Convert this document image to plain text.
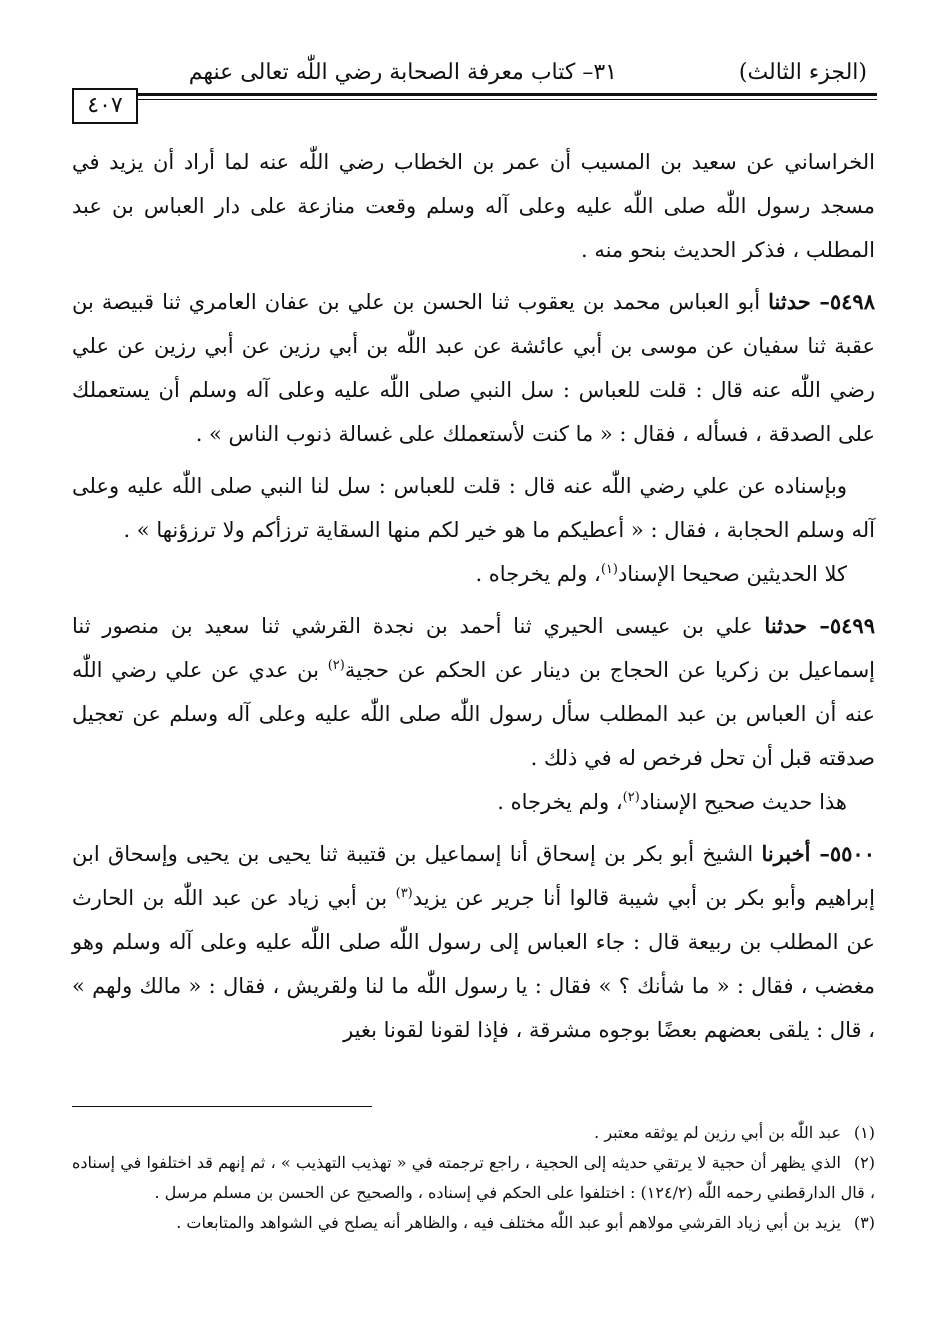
(الجزء الثالث)
٣١– كتاب معرفة الصحابة رضي اللّٰه تعالى عنهم
٤٠٧

الخراساني عن سعيد بن المسيب أن عمر بن الخطاب رضي اللّٰه عنه لما أراد أن يزيد في مسجد رسول اللّٰه صلى اللّٰه عليه وعلى آله وسلم وقعت منازعة على دار العباس بن عبد المطلب ، فذكر الحديث بنحو منه .

٥٤٩٨– حدثنا أبو العباس محمد بن يعقوب ثنا الحسن بن علي بن عفان العامري ثنا قبيصة بن عقبة ثنا سفيان عن موسى بن أبي عائشة عن عبد اللّٰه بن أبي رزين عن أبي رزين عن علي رضي اللّٰه عنه قال : قلت للعباس : سل النبي صلى اللّٰه عليه وعلى آله وسلم أن يستعملك على الصدقة ، فسأله ، فقال : « ما كنت لأستعملك على غسالة ذنوب الناس » .

وبإسناده عن علي رضي اللّٰه عنه قال : قلت للعباس : سل لنا النبي صلى اللّٰه عليه وعلى آله وسلم الحجابة ، فقال : « أعطيكم ما هو خير لكم منها السقاية ترزأكم ولا ترزؤنها » .

كلا الحديثين صحيحا الإسناد$^{(١)}$، ولم يخرجاه .

٥٤٩٩– حدثنا علي بن عيسى الحيري ثنا أحمد بن نجدة القرشي ثنا سعيد بن منصور ثنا إسماعيل بن زكريا عن الحجاج بن دينار عن الحكم عن حجية$^{(٢)}$ بن عدي عن علي رضي اللّٰه عنه أن العباس بن عبد المطلب سأل رسول اللّٰه صلى اللّٰه عليه وعلى آله وسلم عن تعجيل صدقته قبل أن تحل فرخص له في ذلك .

هذا حديث صحيح الإسناد$^{(٢)}$، ولم يخرجاه .

٥٥٠٠– أخبرنا الشيخ أبو بكر بن إسحاق أنا إسماعيل بن قتيبة ثنا يحيى بن يحيى وإسحاق ابن إبراهيم وأبو بكر بن أبي شيبة قالوا أنا جرير عن يزيد$^{(٣)}$ بن أبي زياد عن عبد اللّٰه بن الحارث عن المطلب بن ربيعة قال : جاء العباس إلى رسول اللّٰه صلى اللّٰه عليه وعلى آله وسلم وهو مغضب ، فقال : « ما شأنك ؟ » فقال : يا رسول اللّٰه ما لنا ولقريش ، فقال : « مالك ولهم » ، قال : يلقى بعضهم بعضًا بوجوه مشرقة ، فإذا لقونا لقونا بغير

(١)عبد اللّٰه بن أبي رزين لم يوثقه معتبر .

(٢)الذي يظهر أن حجية لا يرتقي حديثه إلى الحجية ، راجع ترجمته في « تهذيب التهذيب » ، ثم إنهم قد اختلفوا في إسناده ، قال الدارقطني رحمه اللّٰه (١٢٤/٢) : اختلفوا على الحكم في إسناده ، والصحيح عن الحسن بن مسلم مرسل .

(٣)يزيد بن أبي زياد القرشي مولاهم أبو عبد اللّٰه مختلف فيه ، والظاهر أنه يصلح في الشواهد والمتابعات .
